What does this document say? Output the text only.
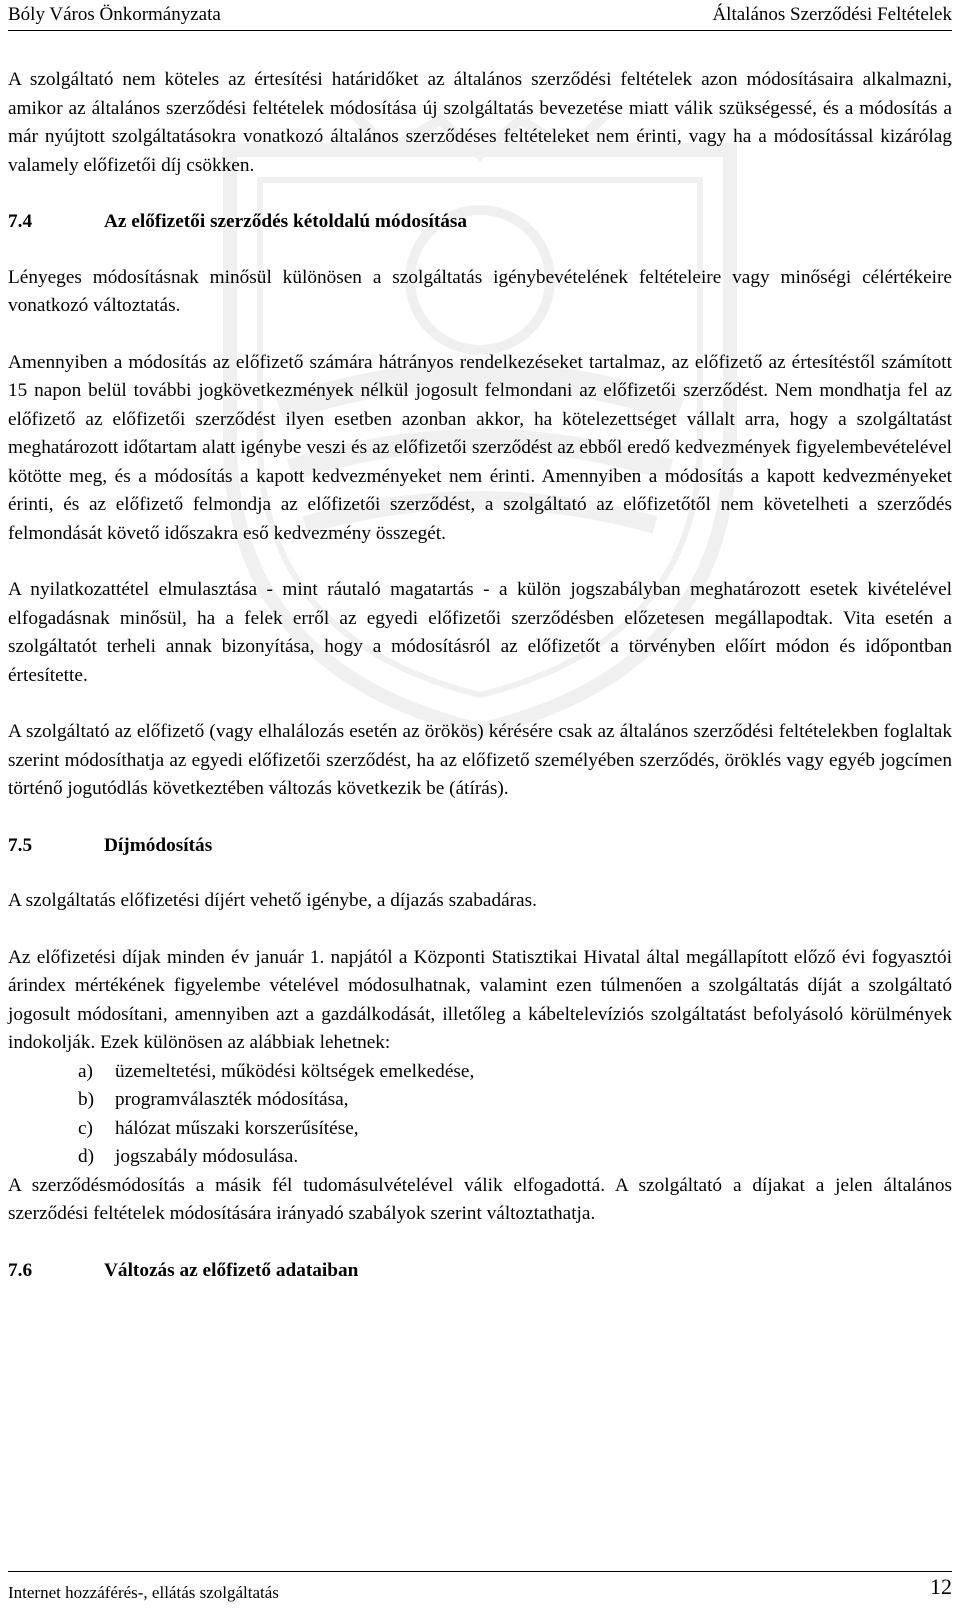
Bóly Város Önkormányzata	Általános Szerződési Feltételek

A szolgáltató nem köteles az értesítési határidőket az általános szerződési feltételek azon módosításaira alkalmazni, amikor az általános szerződési feltételek módosítása új szolgáltatás bevezetése miatt válik szükségessé, és a módosítás a már nyújtott szolgáltatásokra vonatkozó általános szerződéses feltételeket nem érinti, vagy ha a módosítással kizárólag valamely előfizetői díj csökken.

7.4	Az előfizetői szerződés kétoldalú módosítása

Lényeges módosításnak minősül különösen a szolgáltatás igénybevételének feltételeire vagy minőségi célértékeire vonatkozó változtatás.

Amennyiben a módosítás az előfizető számára hátrányos rendelkezéseket tartalmaz, az előfizető az értesítéstől számított 15 napon belül további jogkövetkezmények nélkül jogosult felmondani az előfizetői szerződést. Nem mondhatja fel az előfizető az előfizetői szerződést ilyen esetben azonban akkor, ha kötelezettséget vállalt arra, hogy a szolgáltatást meghatározott időtartam alatt igénybe veszi és az előfizetői szerződést az ebből eredő kedvezmények figyelembevételével kötötte meg, és a módosítás a kapott kedvezményeket nem érinti. Amennyiben a módosítás a kapott kedvezményeket érinti, és az előfizető felmondja az előfizetői szerződést, a szolgáltató az előfizetőtől nem követelheti a szerződés felmondását követő időszakra eső kedvezmény összegét.

A nyilatkozattétel elmulasztása - mint ráutaló magatartás - a külön jogszabályban meghatározott esetek kivételével elfogadásnak minősül, ha a felek erről az egyedi előfizetői szerződésben előzetesen megállapodtak. Vita esetén a szolgáltatót terheli annak bizonyítása, hogy a módosításról az előfizetőt a törvényben előírt módon és időpontban értesítette.

A szolgáltató az előfizető (vagy elhalálozás esetén az örökös) kérésére csak az általános szerződési feltételekben foglaltak szerint módosíthatja az egyedi előfizetői szerződést, ha az előfizető személyében szerződés, öröklés vagy egyéb jogcímen történő jogutódlás következtében változás következik be (átírás).

7.5	Díjmódosítás

A szolgáltatás előfizetési díjért vehető igénybe, a díjazás szabadáras.

Az előfizetési díjak minden év január 1. napjától a Központi Statisztikai Hivatal által megállapított előző évi fogyasztói árindex mértékének figyelembe vételével módosulhatnak, valamint ezen túlmenően a szolgáltatás díját a szolgáltató jogosult módosítani, amennyiben azt a gazdálkodását, illetőleg a kábeltelevíziós szolgáltatást befolyásoló körülmények indokolják. Ezek különösen az alábbiak lehetnek:

a)	üzemeltetési, működési költségek emelkedése,
b)	programválaszték módosítása,
c)	hálózat műszaki korszerűsítése,
d)	jogszabály módosulása.

A szerződésmódosítás a másik fél tudomásulvételével válik elfogadottá. A szolgáltató a díjakat a jelen általános szerződési feltételek módosítására irányadó szabályok szerint változtathatja.

7.6	Változás az előfizető adataiban
Internet hozzáférés-, ellátás szolgáltatás	12
